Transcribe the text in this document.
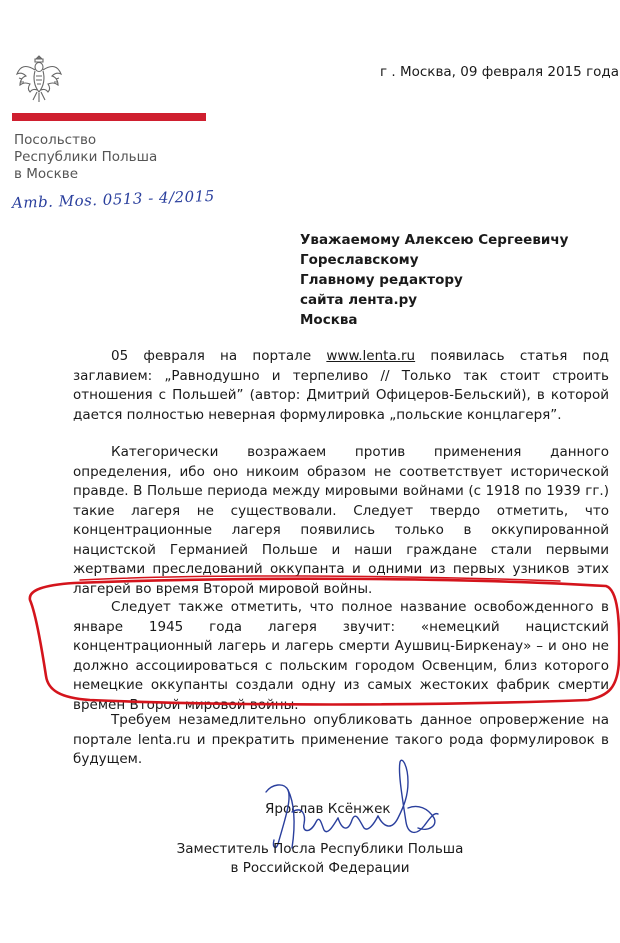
Посольство
Республики Польша
в Москве
Amb. Mos. 0513 - 4/2015
г . Москва, 09 февраля 2015 года
Уважаемому Алексею Сергеевичу Гореславскому
Главному редактору
сайта лента.ру
Москва

05 февраля на портале www.lenta.ru появилась статья под заглавием: „Равнодушно и терпеливо // Только так стоит строить отношения с Польшей” (автор: Дмитрий Офицеров-Бельский), в которой дается полностью неверная формулировка „польские концлагеря”.

Категорически возражаем против применения данного определения, ибо оно никоим образом не соответствует исторической правде. В Польше периода между мировыми войнами (с 1918 по 1939 гг.) такие лагеря не существовали. Следует твердо отметить, что концентрационные лагеря появились только в оккупированной нацистской Германией Польше и наши граждане стали первыми жертвами преследований оккупанта и одними из первых узников этих лагерей во время Второй мировой войны.

Следует также отметить, что полное название освобожденного в январе 1945 года лагеря звучит: «немецкий нацистский концентрационный лагерь и лагерь смерти Аушвиц-Биркенау» – и оно не должно ассоциироваться с польским городом Освенцим, близ которого немецкие оккупанты создали одну из самых жестоких фабрик смерти времен Второй мировой войны.

Требуем незамедлительно опубликовать данное опровержение на портале lenta.ru и прекратить применение такого рода формулировок в будущем.

Ярослав Ксёнжек
Заместитель Посла Республики Польша
в Российской Федерации
